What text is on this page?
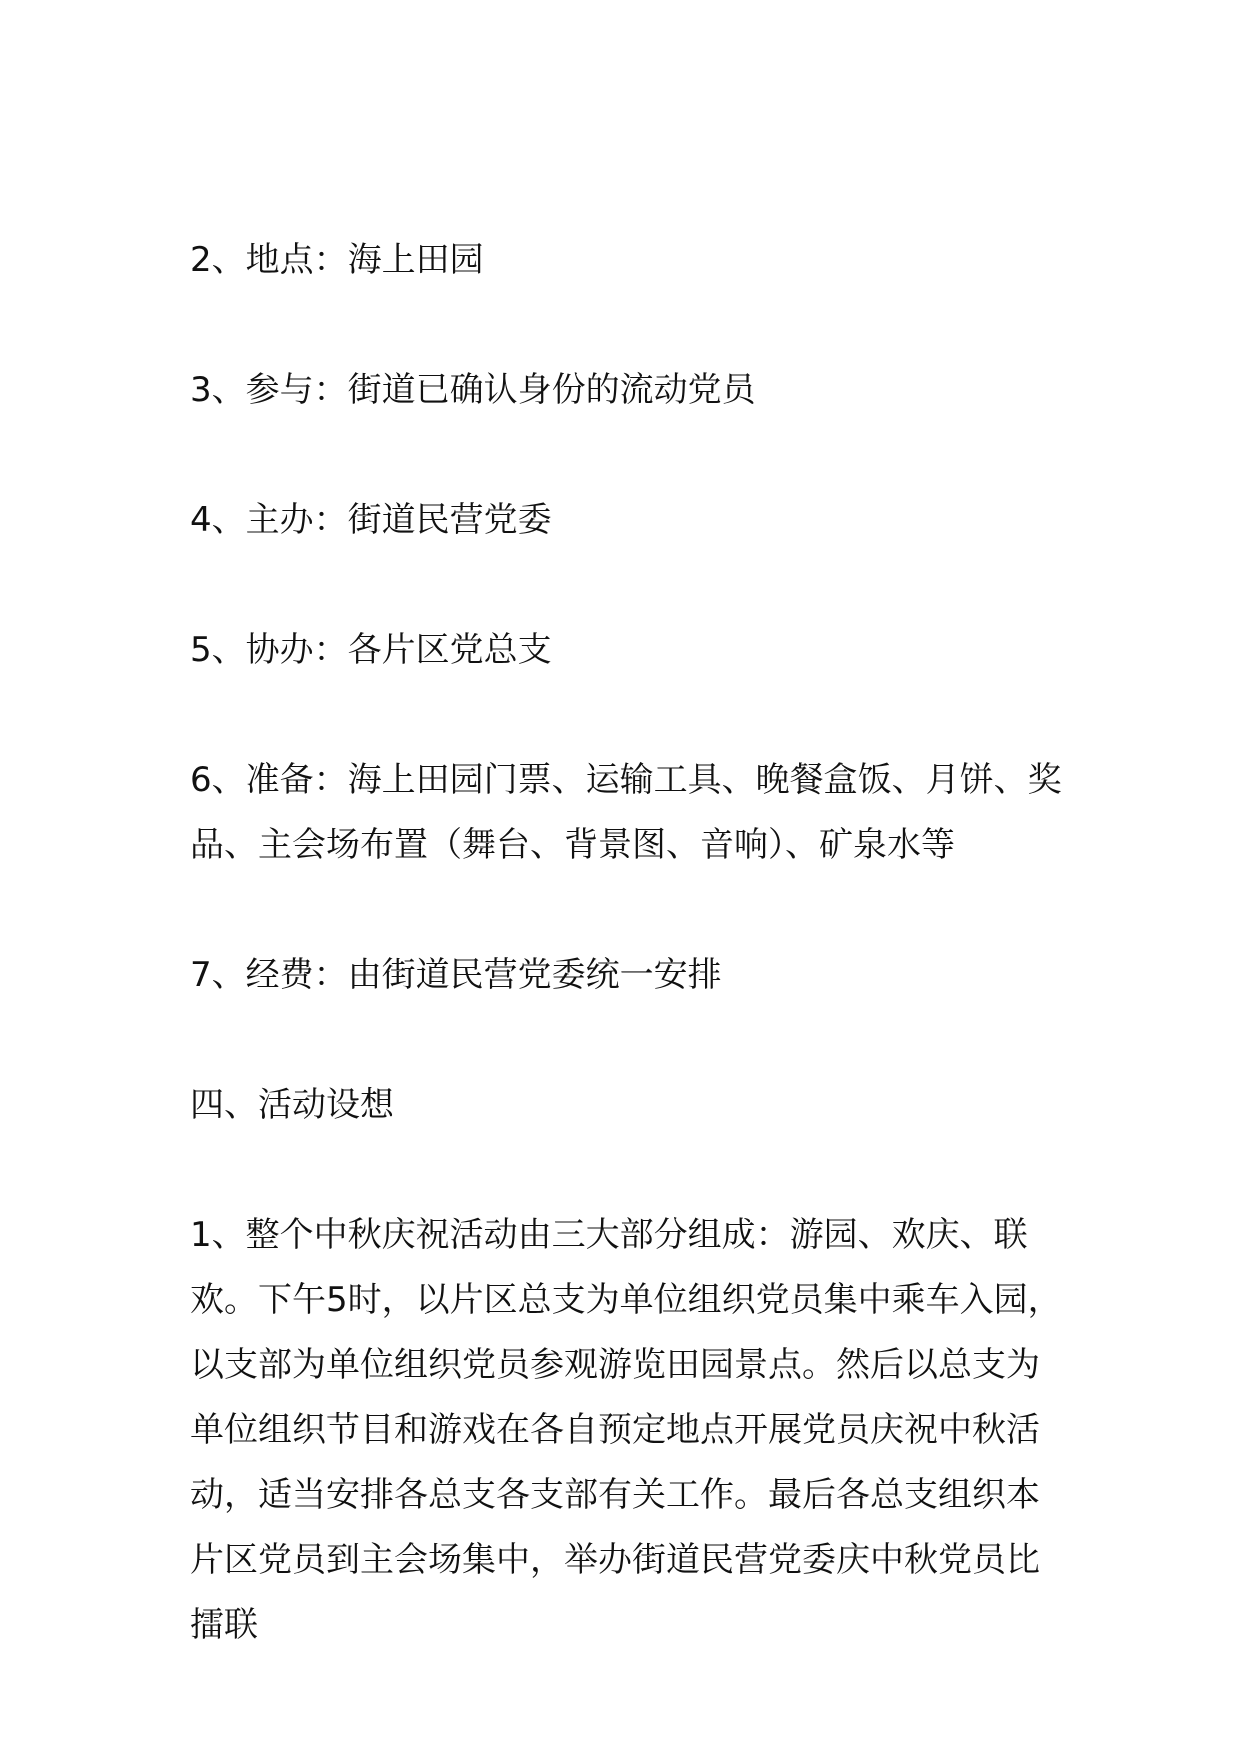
2、地点：海上田园

3、参与：街道已确认身份的流动党员

4、主办：街道民营党委

5、协办：各片区党总支

6、准备：海上田园门票、运输工具、晚餐盒饭、月饼、奖品、主会场布置（舞台、背景图、音响）、矿泉水等

7、经费：由街道民营党委统一安排

四、活动设想

1、整个中秋庆祝活动由三大部分组成：游园、欢庆、联欢。下午5时，以片区总支为单位组织党员集中乘车入园，以支部为单位组织党员参观游览田园景点。然后以总支为单位组织节目和游戏在各自预定地点开展党员庆祝中秋活动，适当安排各总支各支部有关工作。最后各总支组织本片区党员到主会场集中，举办街道民营党委庆中秋党员比擂联
